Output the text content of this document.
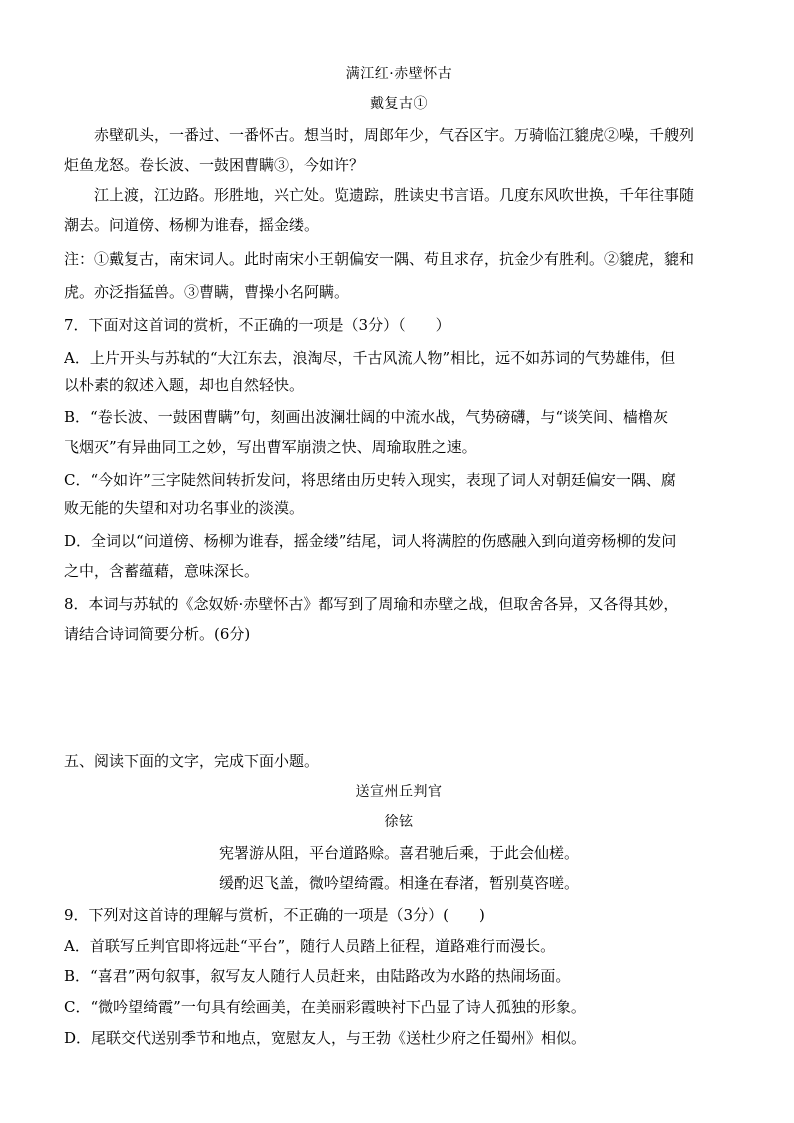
满江红·赤壁怀古
戴复古①
赤壁矶头，一番过、一番怀古。想当时，周郎年少，气吞区宇。万骑临江貔虎②噪，千艘列
炬鱼龙怒。卷长波、一鼓困曹瞒③，今如许？
江上渡，江边路。形胜地，兴亡处。览遗踪，胜读史书言语。几度东风吹世换，千年往事随
潮去。问道傍、杨柳为谁春，摇金缕。
注：①戴复古，南宋词人。此时南宋小王朝偏安一隅、苟且求存，抗金少有胜利。②貔虎，貔和
虎。亦泛指猛兽。③曹瞒，曹操小名阿瞒。
7．下面对这首词的赏析，不正确的一项是（3分）（　　）
A．上片开头与苏轼的“大江东去，浪淘尽，千古风流人物”相比，远不如苏词的气势雄伟，但
以朴素的叙述入题，却也自然轻快。
B．“卷长波、一鼓困曹瞒”句，刻画出波澜壮阔的中流水战，气势磅礴，与“谈笑间、樯橹灰
飞烟灭”有异曲同工之妙，写出曹军崩溃之快、周瑜取胜之速。
C．“今如许”三字陡然间转折发问，将思绪由历史转入现实，表现了词人对朝廷偏安一隅、腐
败无能的失望和对功名事业的淡漠。
D．全词以“问道傍、杨柳为谁春，摇金缕”结尾，词人将满腔的伤感融入到向道旁杨柳的发问
之中，含蓄蕴藉，意味深长。
8．本词与苏轼的《念奴娇·赤壁怀古》都写到了周瑜和赤壁之战，但取舍各异，又各得其妙，
请结合诗词简要分析。(6分)
五、阅读下面的文字，完成下面小题。
送宣州丘判官
徐铉
宪署游从阻，平台道路赊。喜君驰后乘，于此会仙槎。
缓酌迟飞盖，微吟望绮霞。相逢在春渚，暂别莫咨嗟。
9．下列对这首诗的理解与赏析，不正确的一项是（3分）(　　)
A．首联写丘判官即将远赴“平台”，随行人员踏上征程，道路难行而漫长。
B．“喜君”两句叙事，叙写友人随行人员赶来，由陆路改为水路的热闹场面。
C．“微吟望绮霞”一句具有绘画美，在美丽彩霞映衬下凸显了诗人孤独的形象。
D．尾联交代送别季节和地点，宽慰友人，与王勃《送杜少府之任蜀州》相似。
